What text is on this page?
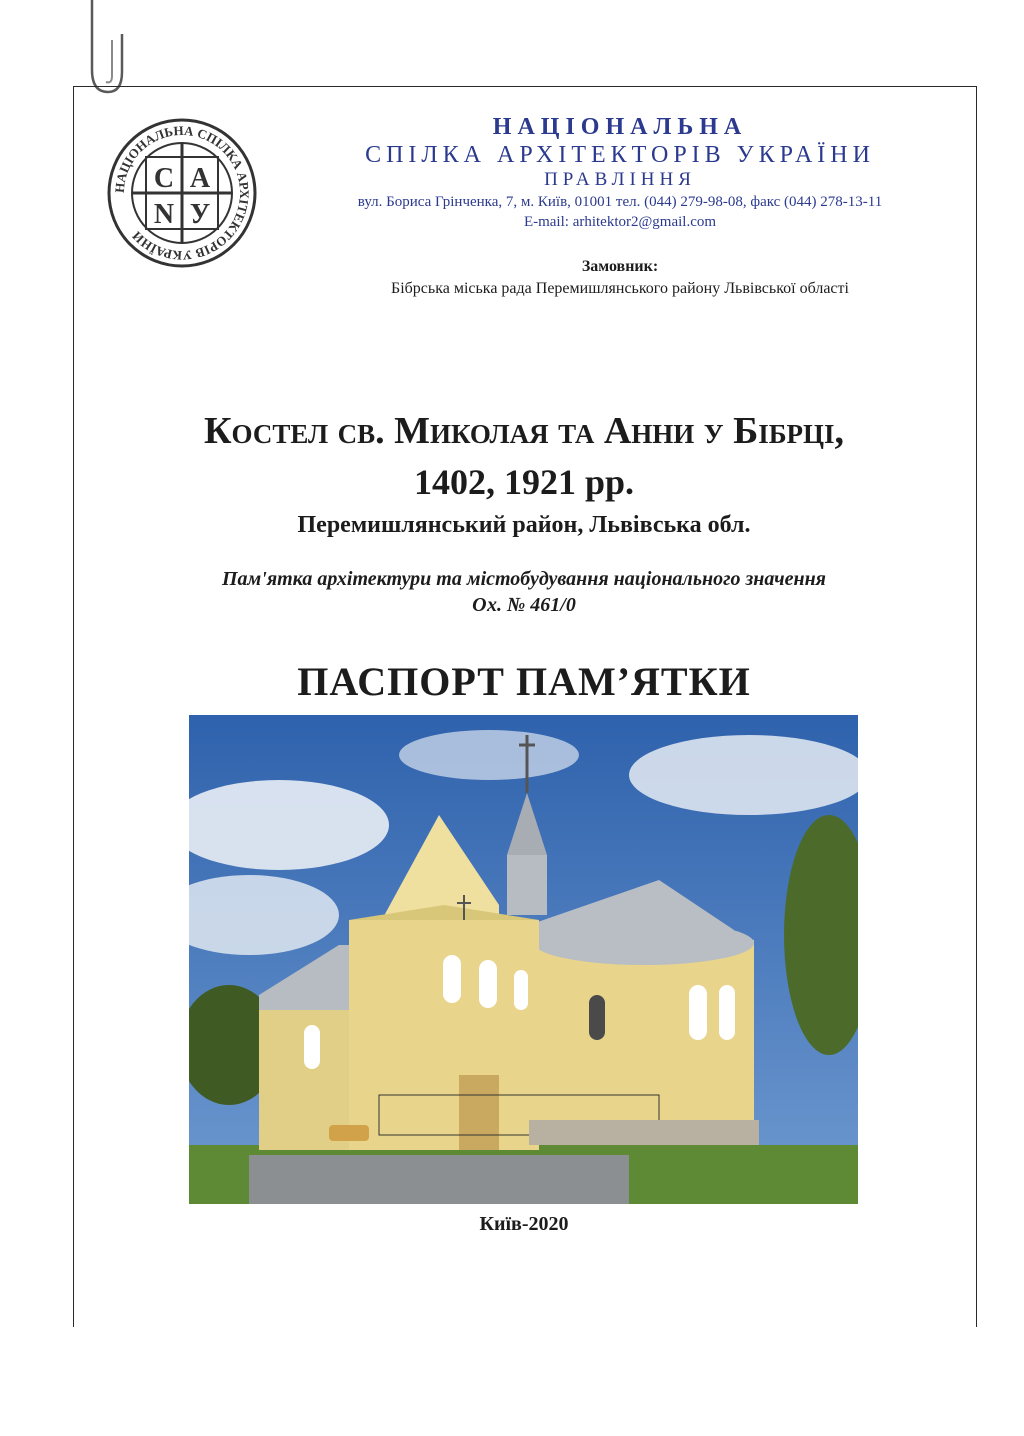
НАЦІОНАЛЬНА СПІЛКА АРХІТЕКТОРІВ УКРАЇНИ
С А
N У
НАЦІОНАЛЬНА
СПІЛКА АРХІТЕКТОРІВ УКРАЇНИ
ПРАВЛІННЯ
вул. Бориса Грінченка, 7, м. Київ, 01001 тел. (044) 279-98-08, факс (044) 278-13-11
E-mail: arhitektor2@gmail.com
Замовник:
Бібрська міська рада Перемишлянського району Львівської області
Костел св. Миколая та Анни у Бібрці,
1402, 1921 рр.
Перемишлянський район, Львівська обл.
Пам'ятка архітектури та містобудування національного значення
Ох. № 461/0
ПАСПОРТ ПАМ’ЯТКИ
Київ-2020
